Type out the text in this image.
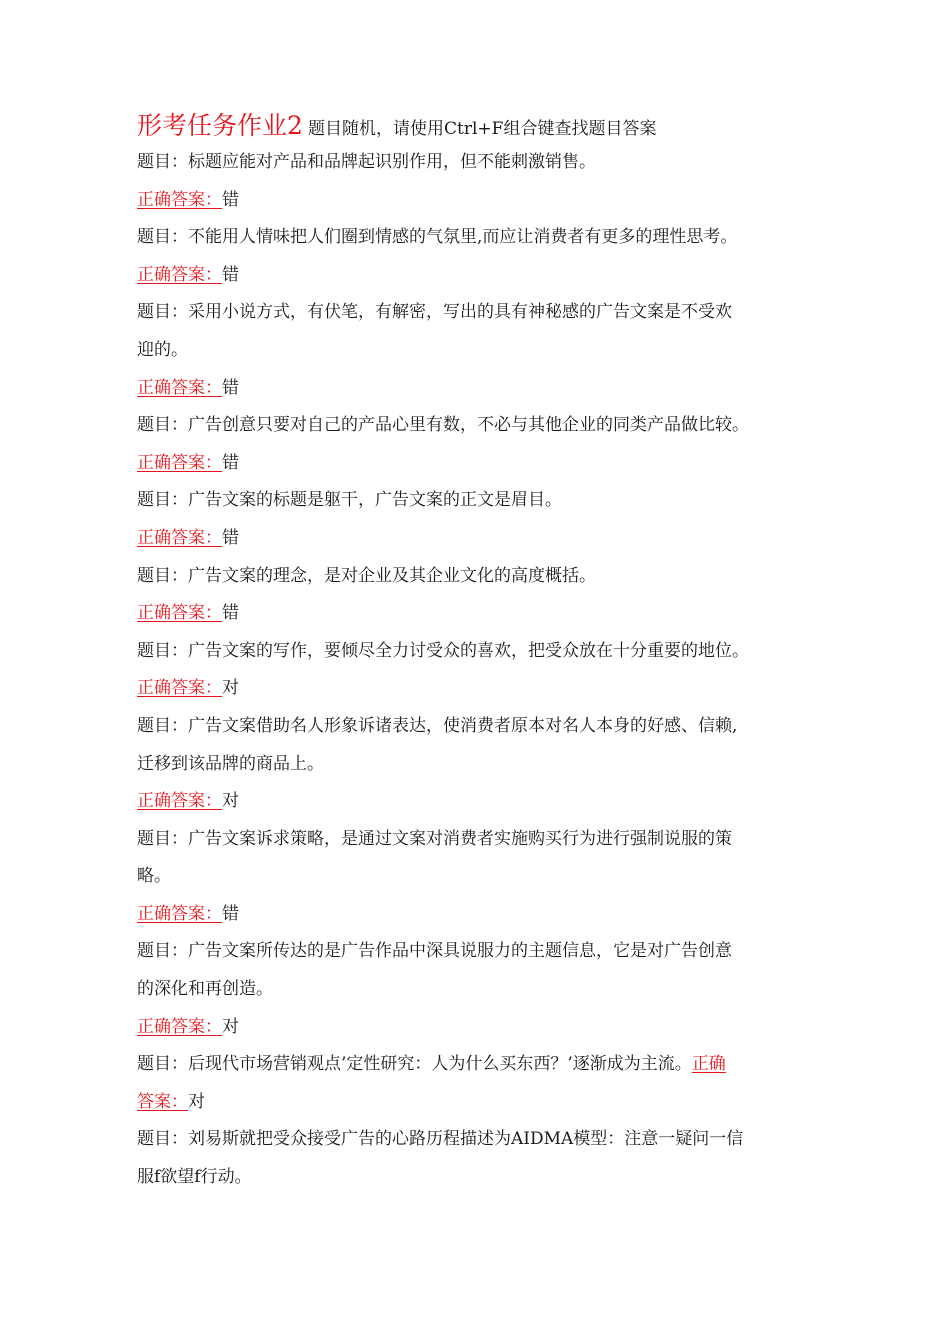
形考任务作业2 题目随机，请使用Ctrl+F组合键查找题目答案
题目：标题应能对产品和品牌起识别作用，但不能刺激销售。
正确答案：错
题目：不能用人情味把人们圈到情感的气氛里,而应让消费者有更多的理性思考。
正确答案：错
题目：采用小说方式，有伏笔，有解密，写出的具有神秘感的广告文案是不受欢
迎的。
正确答案：错
题目：广告创意只要对自己的产品心里有数，不必与其他企业的同类产品做比较。
正确答案：错
题目：广告文案的标题是躯干，广告文案的正文是眉目。
正确答案：错
题目：广告文案的理念，是对企业及其企业文化的高度概括。
正确答案：错
题目：广告文案的写作，要倾尽全力讨受众的喜欢，把受众放在十分重要的地位。
正确答案：对
题目：广告文案借助名人形象诉诸表达，使消费者原本对名人本身的好感、信赖,
迁移到该品牌的商品上。
正确答案：对
题目：广告文案诉求策略，是通过文案对消费者实施购买行为进行强制说服的策
略。
正确答案：错
题目：广告文案所传达的是广告作品中深具说服力的主题信息，它是对广告创意
的深化和再创造。
正确答案：对
题目：后现代市场营销观点’定性研究：人为什么买东西？’逐渐成为主流。正确
答案：对
题目：刘易斯就把受众接受广告的心路历程描述为AIDMA模型：注意一疑问一信
服f欲望f行动。
